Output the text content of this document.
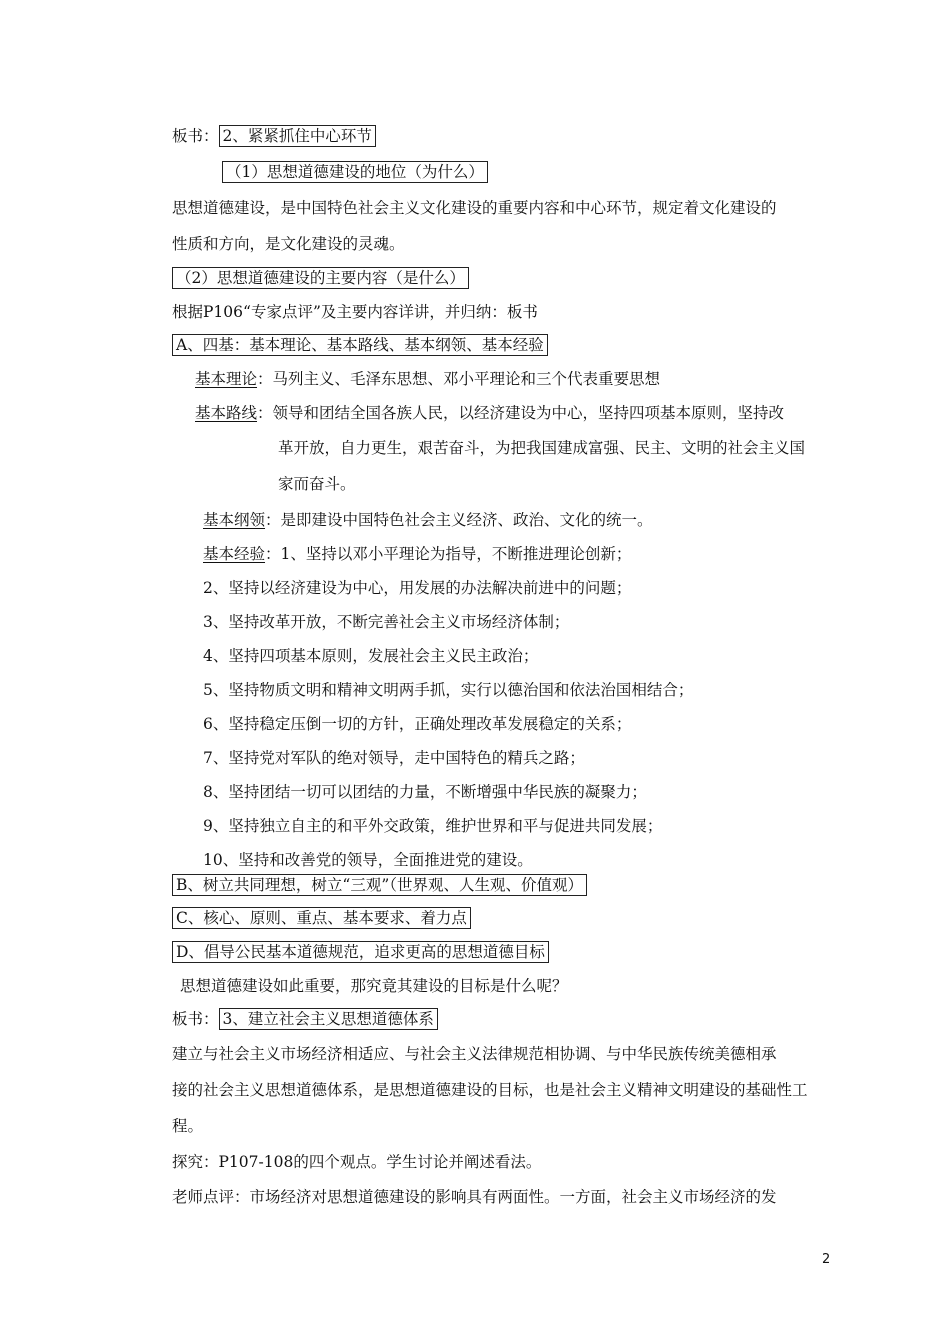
板书： 2、紧紧抓住中心环节
（1）思想道德建设的地位（为什么）
思想道德建设，是中国特色社会主义文化建设的重要内容和中心环节，规定着文化建设的
性质和方向，是文化建设的灵魂。
（2）思想道德建设的主要内容（是什么）
根据P106“专家点评”及主要内容详讲，并归纳：板书
A、四基：基本理论、基本路线、基本纲领、基本经验
基本理论：马列主义、毛泽东思想、邓小平理论和三个代表重要思想
基本路线：领导和团结全国各族人民，以经济建设为中心，坚持四项基本原则，坚持改
革开放，自力更生，艰苦奋斗，为把我国建成富强、民主、文明的社会主义国
家而奋斗。
基本纲领：是即建设中国特色社会主义经济、政治、文化的统一。
基本经验：1、坚持以邓小平理论为指导，不断推进理论创新；
2、坚持以经济建设为中心，用发展的办法解决前进中的问题；
3、坚持改革开放，不断完善社会主义市场经济体制；
4、坚持四项基本原则，发展社会主义民主政治；
5、坚持物质文明和精神文明两手抓，实行以德治国和依法治国相结合；
6、坚持稳定压倒一切的方针，正确处理改革发展稳定的关系；
7、坚持党对军队的绝对领导，走中国特色的精兵之路；
8、坚持团结一切可以团结的力量，不断增强中华民族的凝聚力；
9、坚持独立自主的和平外交政策，维护世界和平与促进共同发展；
10、坚持和改善党的领导，全面推进党的建设。
B、树立共同理想，树立“三观”（世界观、人生观、价值观）
C、核心、原则、重点、基本要求、着力点
D、倡导公民基本道德规范，追求更高的思想道德目标
思想道德建设如此重要，那究竟其建设的目标是什么呢？
板书： 3、建立社会主义思想道德体系
建立与社会主义市场经济相适应、与社会主义法律规范相协调、与中华民族传统美德相承
接的社会主义思想道德体系，是思想道德建设的目标，也是社会主义精神文明建设的基础性工
程。
探究：P107-108的四个观点。学生讨论并阐述看法。
老师点评：市场经济对思想道德建设的影响具有两面性。一方面，社会主义市场经济的发
2
